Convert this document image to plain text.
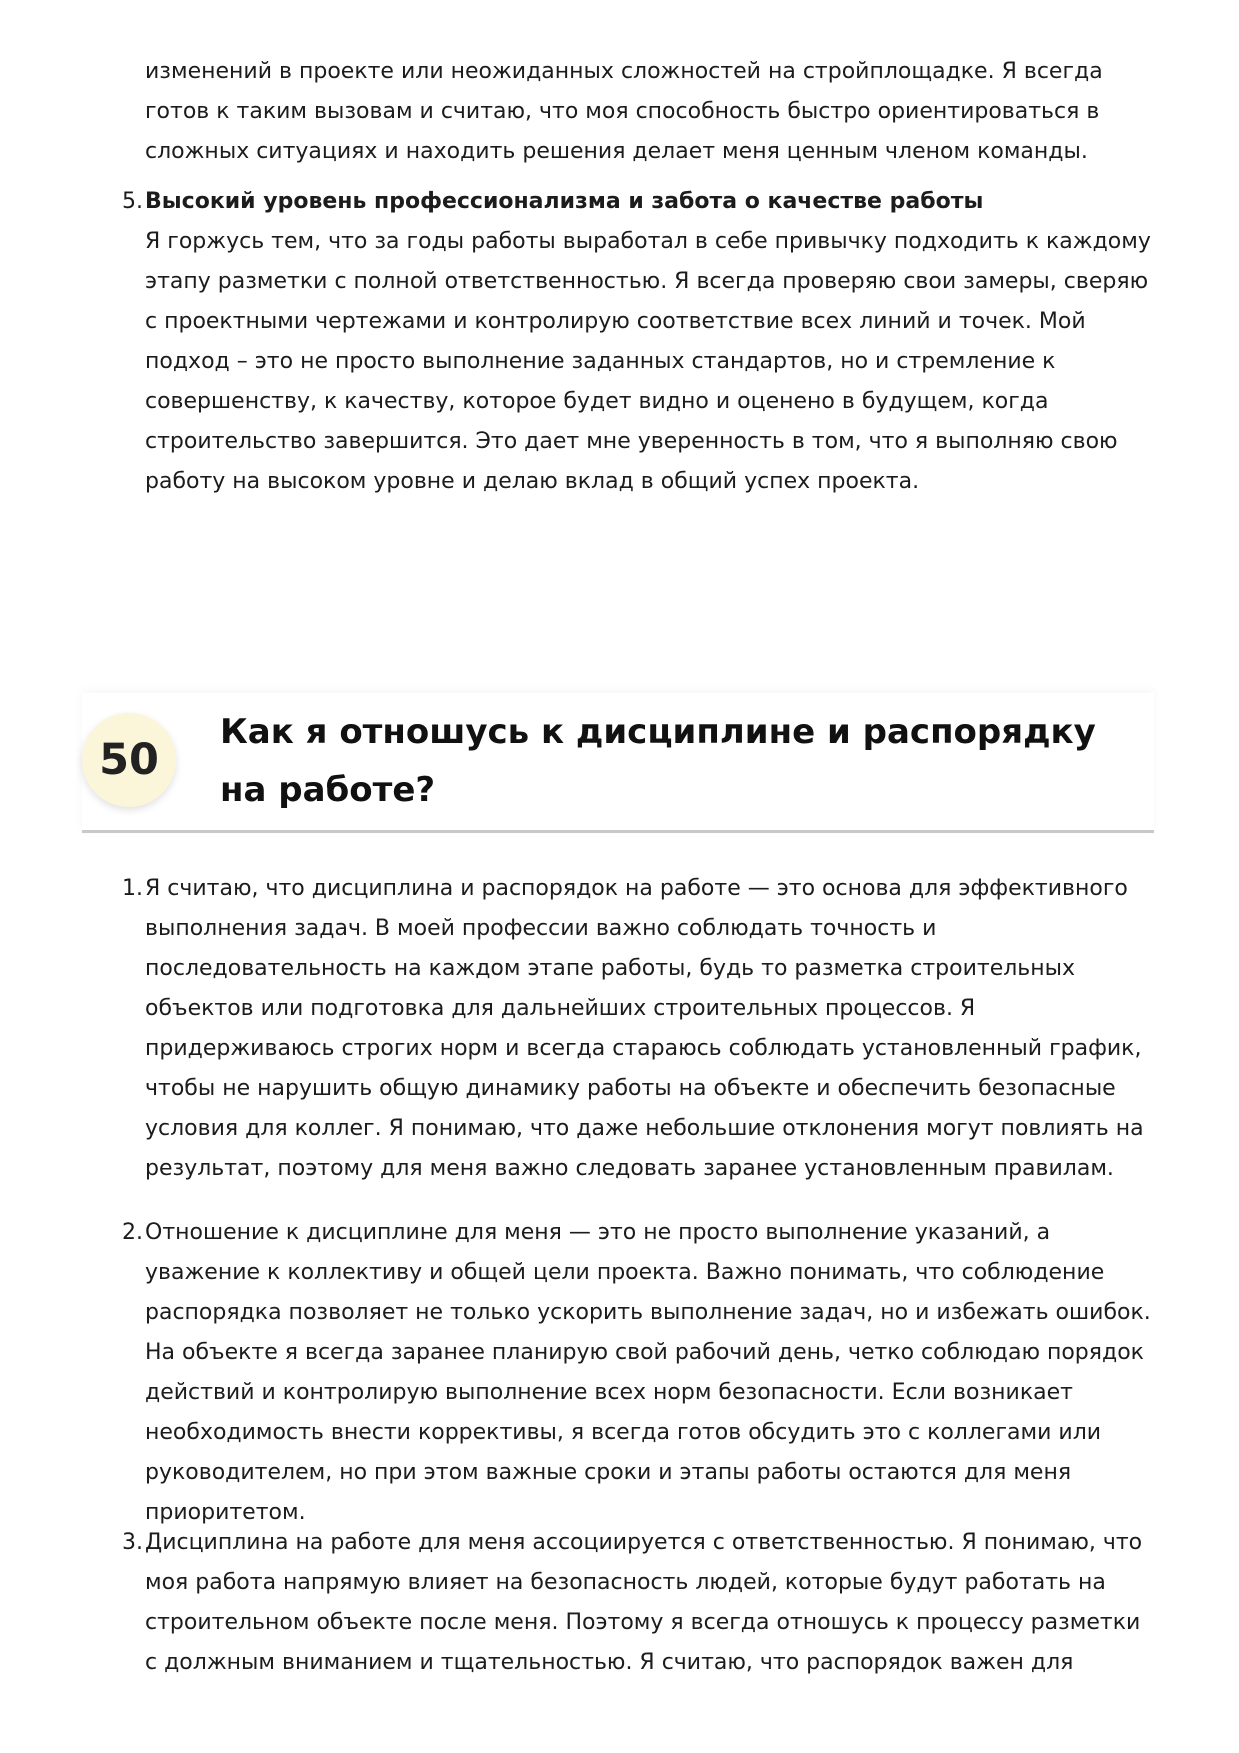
изменений в проекте или неожиданных сложностей на стройплощадке. Я всегда готов к таким вызовам и считаю, что моя способность быстро ориентироваться в сложных ситуациях и находить решения делает меня ценным членом команды.

5. Высокий уровень профессионализма и забота о качестве работы
Я горжусь тем, что за годы работы выработал в себе привычку подходить к каждому этапу разметки с полной ответственностью. Я всегда проверяю свои замеры, сверяю с проектными чертежами и контролирую соответствие всех линий и точек. Мой подход – это не просто выполнение заданных стандартов, но и стремление к совершенству, к качеству, которое будет видно и оценено в будущем, когда строительство завершится. Это дает мне уверенность в том, что я выполняю свою работу на высоком уровне и делаю вклад в общий успех проекта.
50
Как я отношусь к дисциплине и распорядку на работе?
1. Я считаю, что дисциплина и распорядок на работе — это основа для эффективного выполнения задач. В моей профессии важно соблюдать точность и последовательность на каждом этапе работы, будь то разметка строительных объектов или подготовка для дальнейших строительных процессов. Я придерживаюсь строгих норм и всегда стараюсь соблюдать установленный график, чтобы не нарушить общую динамику работы на объекте и обеспечить безопасные условия для коллег. Я понимаю, что даже небольшие отклонения могут повлиять на результат, поэтому для меня важно следовать заранее установленным правилам.
2. Отношение к дисциплине для меня — это не просто выполнение указаний, а уважение к коллективу и общей цели проекта. Важно понимать, что соблюдение распорядка позволяет не только ускорить выполнение задач, но и избежать ошибок. На объекте я всегда заранее планирую свой рабочий день, четко соблюдаю порядок действий и контролирую выполнение всех норм безопасности. Если возникает необходимость внести коррективы, я всегда готов обсудить это с коллегами или руководителем, но при этом важные сроки и этапы работы остаются для меня приоритетом.
3. Дисциплина на работе для меня ассоциируется с ответственностью. Я понимаю, что моя работа напрямую влияет на безопасность людей, которые будут работать на строительном объекте после меня. Поэтому я всегда отношусь к процессу разметки с должным вниманием и тщательностью. Я считаю, что распорядок важен для
